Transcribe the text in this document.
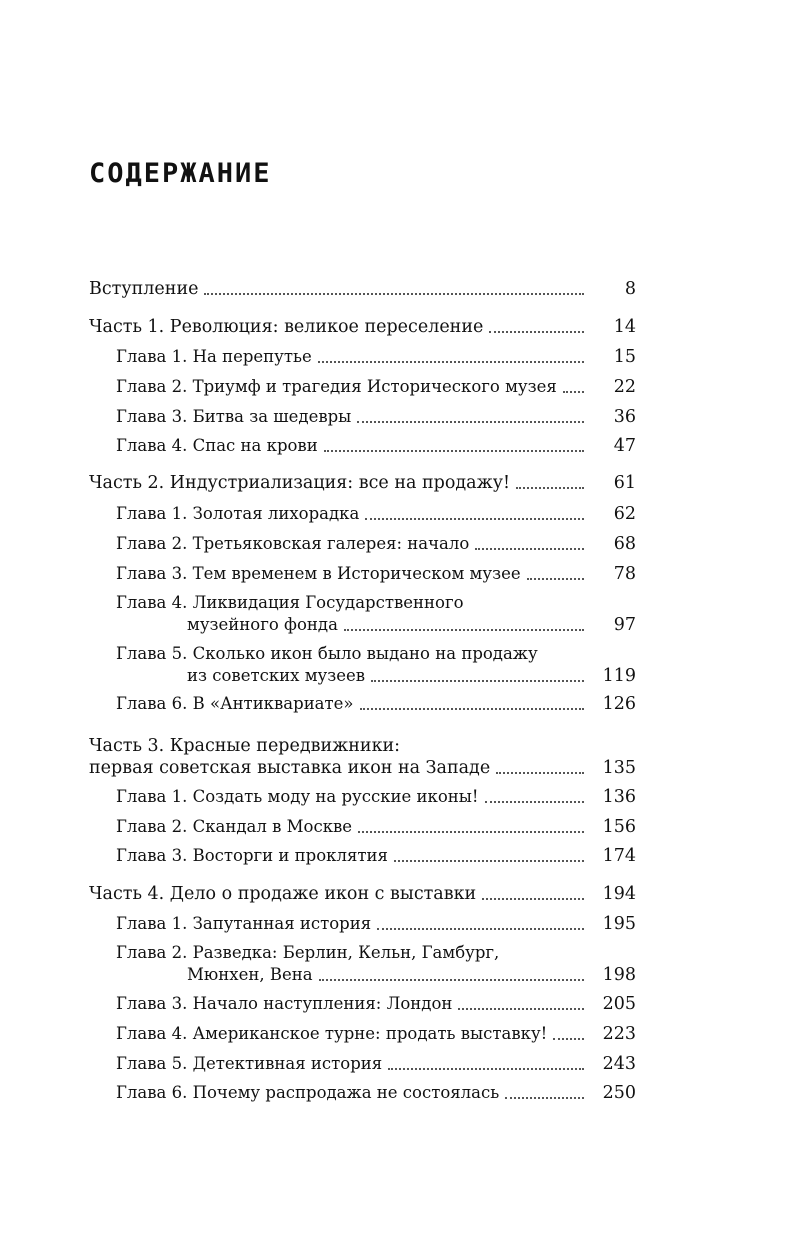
СОДЕРЖАНИЕ
Вступление	8
Часть 1. Революция: великое переселение	14
Глава 1. На перепутье	15
Глава 2. Триумф и трагедия Исторического музея	22
Глава 3. Битва за шедевры	36
Глава 4. Спас на крови	47
Часть 2. Индустриализация: все на продажу!	61
Глава 1. Золотая лихорадка	62
Глава 2. Третьяковская галерея: начало	68
Глава 3. Тем временем в Историческом музее	78
Глава 4. Ликвидация Государственного
музейного фонда	97
Глава 5. Сколько икон было выдано на продажу
из советских музеев	119
Глава 6. В «Антиквариате»	126
Часть 3. Красные передвижники:
первая советская выставка икон на Западе	135
Глава 1. Создать моду на русские иконы!	136
Глава 2. Скандал в Москве	156
Глава 3. Восторги и проклятия	174
Часть 4. Дело о продаже икон с выставки	194
Глава 1. Запутанная история	195
Глава 2. Разведка: Берлин, Кельн, Гамбург,
Мюнхен, Вена	198
Глава 3. Начало наступления: Лондон	205
Глава 4. Американское турне: продать выставку!	223
Глава 5. Детективная история	243
Глава 6. Почему распродажа не состоялась	250
